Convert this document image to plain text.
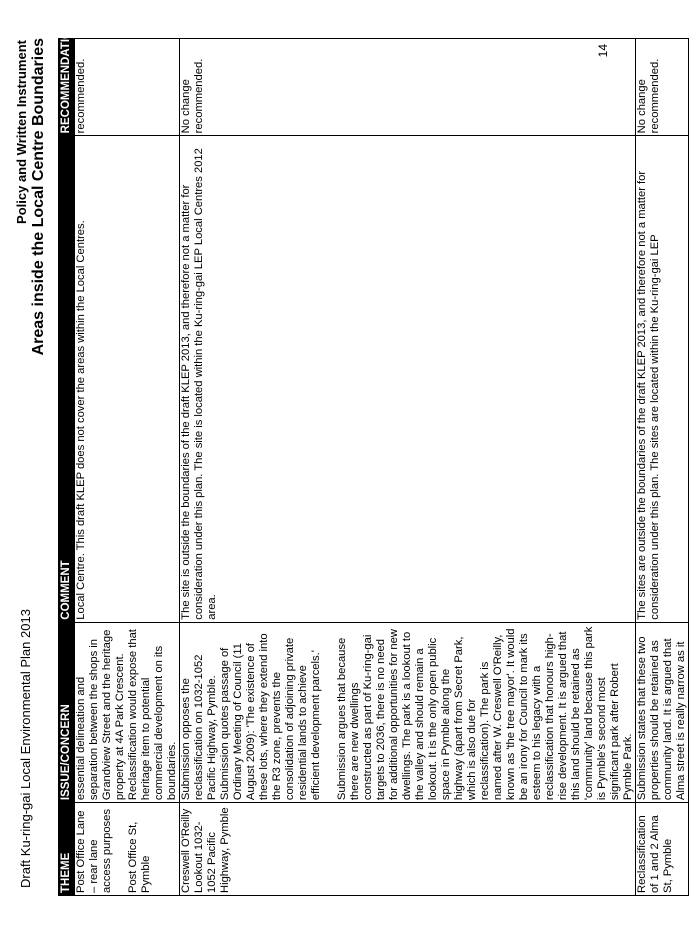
Draft Ku-ring-gai Local Environmental Plan 2013
Policy and Written Instrument Areas inside the Local Centre Boundaries
THEME	ISSUE/CONCERN	COMMENT	RECOMMENDATION

Post Office Lane – rear lane access purposes Post Office St, Pymble	essential delineation and separation between the shops in Grandview Street and the heritage property at 4A Park Crescent. Reclassification would expose that heritage item to potential commercial development on its boundaries.	Local Centre. This draft KLEP does not cover the areas within the Local Centres.	recommended.

Creswell O'Reilly Lookout 1032-1052 Pacific Highway, Pymble	Submission opposes the reclassification on 1032-1052 Pacific Highway, Pymble. Submission quotes passage of Ordinary Meeting of Council (11 August 2009): 'The existence of these lots, where they extend into the R3 zone, prevents the consolidation of adjoining private residential lands to achieve efficient development parcels.' Submission argues that because there are new dwellings constructed as part of Ku-ring-gai targets to 2036, there is no need for additional opportunities for new dwellings. The park is a lookout to the valley and should remain a lookout. It is the only open public space in Pymble along the highway (apart from Secret Park, which is also due for reclassification). The park is named after W. Creswell O'Reilly, known as 'the tree mayor'. It would be an irony for Council to mark its esteem to his legacy with a reclassification that honours high-rise development. It is argued that this land should be retained as 'community' land because this park is Pymble's second most significant park after Robert Pymble Park.	The site is outside the boundaries of the draft KLEP 2013, and therefore not a matter for consideration under this plan. The site is located within the Ku-ring-gai LEP Local Centres 2012 area.	No change recommended.

Reclassification of 1 and 2 Alma St, Pymble	Submission states that these two properties should be retained as community land. It is argued that Alma street is really narrow as it	The sites are outside the boundaries of the draft KLEP 2013, and therefore not a matter for consideration under this plan. The sites are located within the Ku-ring-gai LEP	No change recommended.

14
